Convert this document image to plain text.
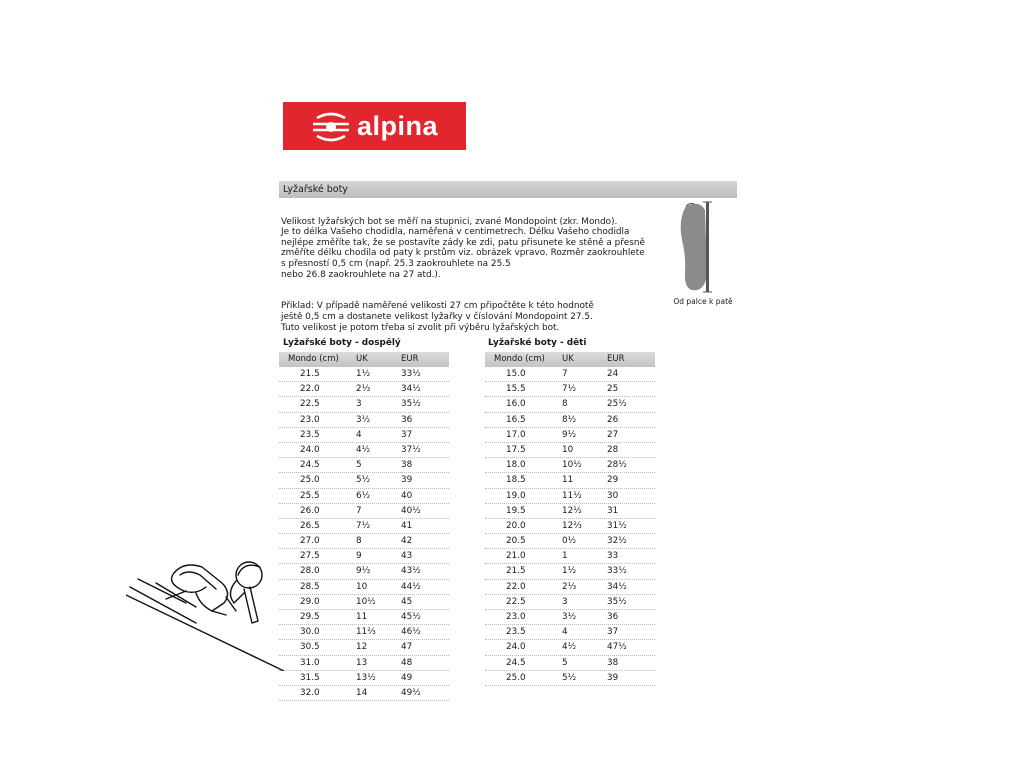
alpina
Lyžařské boty

Velikost lyžařských bot se měří na stupnici, zvané Mondopoint (zkr. Mondo).
Je to délka Vašeho chodidla, naměřená v centimetrech. Délku Vašeho chodidla
nejlépe změříte tak, že se postavíte zády ke zdi, patu přisunete ke stěně a přesně
změříte délku chodila od paty k prstům viz. obrázek vpravo. Rozměr zaokrouhlete
s přesností 0,5 cm (např. 25.3 zaokrouhlete na 25.5
nebo 26.8 zaokrouhlete na 27 atd.).

Příklad: V případě naměřené velikosti 27 cm připočtěte k této hodnotě
ještě 0,5 cm a dostanete velikost lyžařky v číslování Mondopoint 27.5.
Tuto velikost je potom třeba si zvolit při výběru lyžařských bot.

Od palce k patě
Lyžařské boty - dospělý
Mondo (cm)	UK	EUR
21.5	1½	33½
22.0	2⅓	34½
22.5	3	35½
23.0	3½	36
23.5	4	37
24.0	4½	37½
24.5	5	38
25.0	5½	39
25.5	6½	40
26.0	7	40½
26.5	7½	41
27.0	8	42
27.5	9	43
28.0	9⅓	43½
28.5	10	44½
29.0	10½	45
29.5	11	45½
30.0	11⅔	46½
30.5	12	47
31.0	13	48
31.5	13½	49
32.0	14	49½
Lyžařské boty - děti
Mondo (cm)	UK	EUR
15.0	7	24
15.5	7½	25
16.0	8	25½
16.5	8½	26
17.0	9½	27
17.5	10	28
18.0	10½	28½
18.5	11	29
19.0	11½	30
19.5	12½	31
20.0	12⅔	31½
20.5	0½	32½
21.0	1	33
21.5	1½	33½
22.0	2⅓	34½
22.5	3	35½
23.0	3½	36
23.5	4	37
24.0	4½	47½
24.5	5	38
25.0	5½	39
